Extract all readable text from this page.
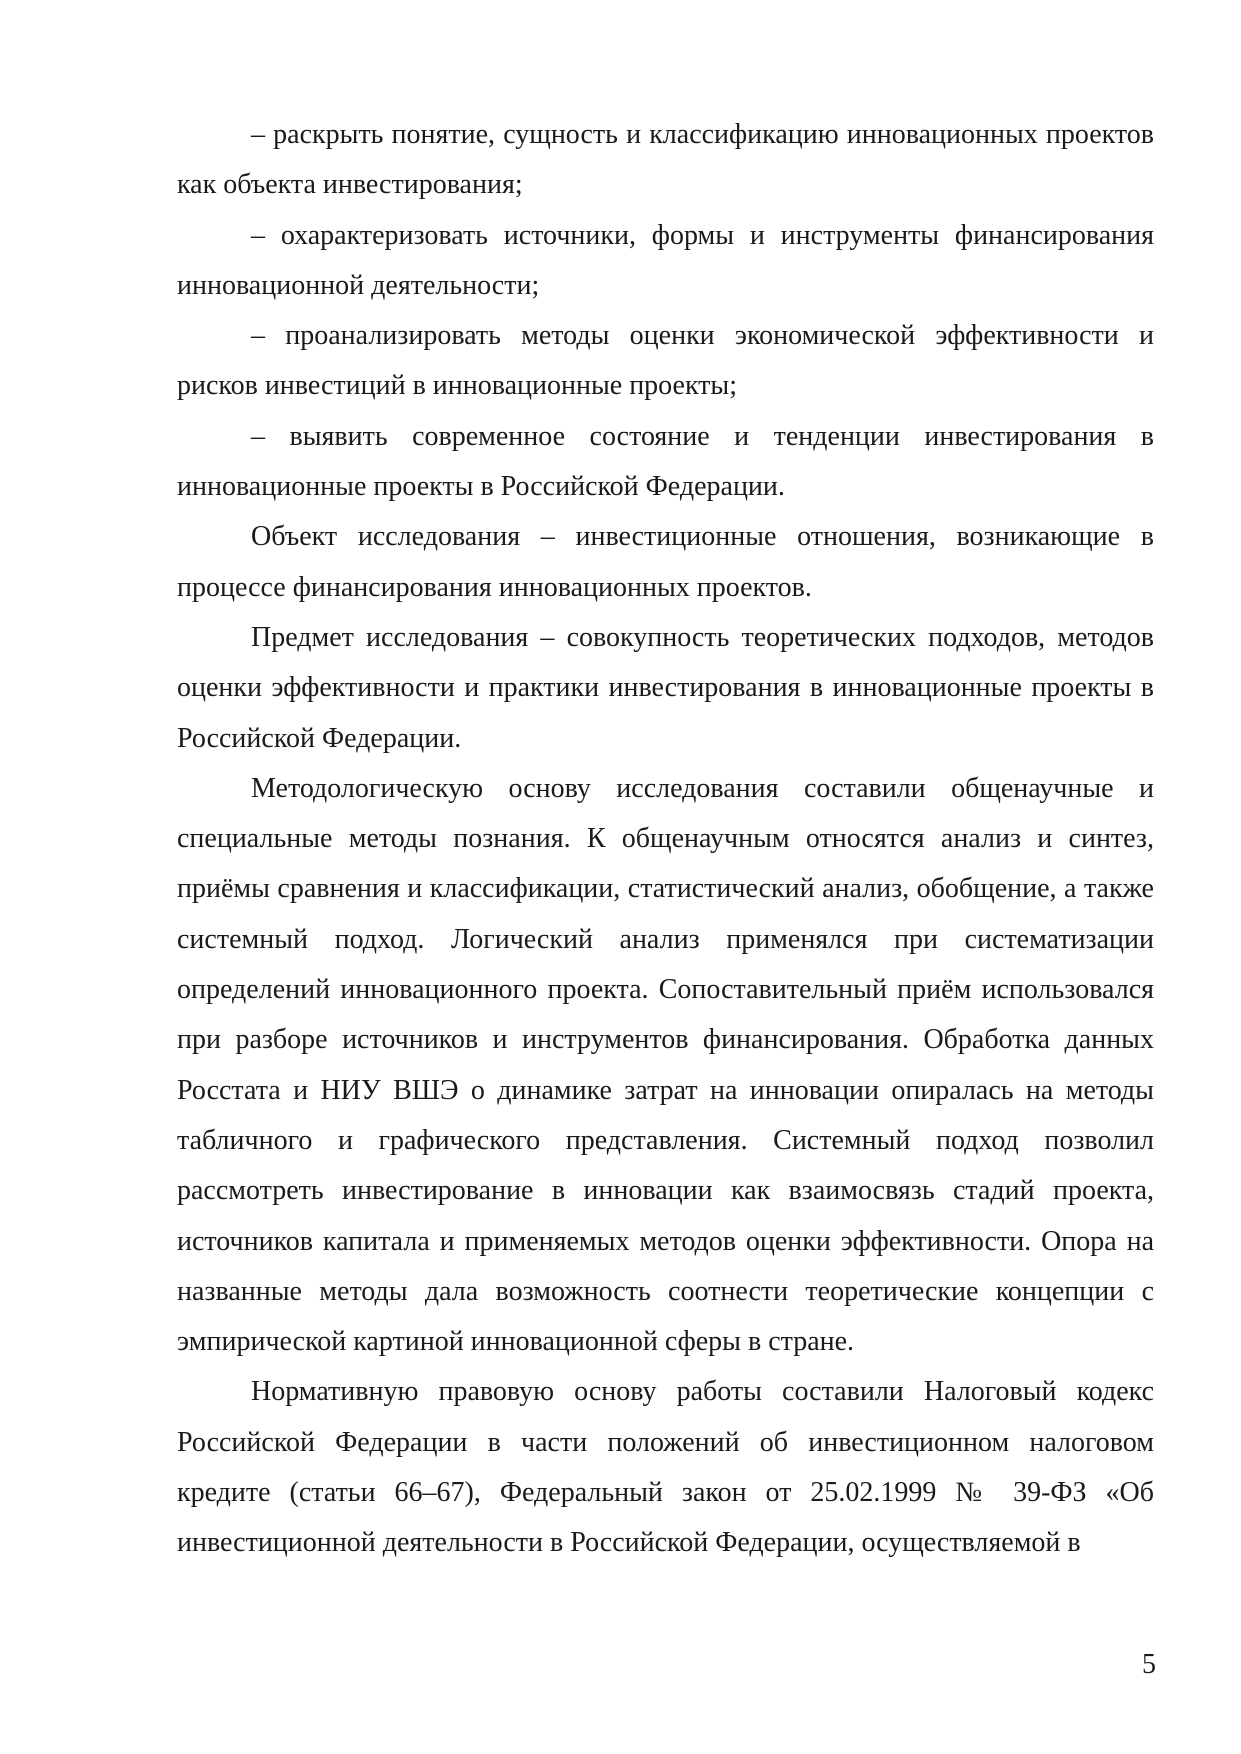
– раскрыть понятие, сущность и классификацию инновационных проектов как объекта инвестирования;

– охарактеризовать источники, формы и инструменты финансирования инновационной деятельности;

– проанализировать методы оценки экономической эффективности и рисков инвестиций в инновационные проекты;

– выявить современное состояние и тенденции инвестирования в инновационные проекты в Российской Федерации.

Объект исследования – инвестиционные отношения, возникающие в процессе финансирования инновационных проектов.

Предмет исследования – совокупность теоретических подходов, методов оценки эффективности и практики инвестирования в инновационные проекты в Российской Федерации.

Методологическую основу исследования составили общенаучные и специальные методы познания. К общенаучным относятся анализ и синтез, приёмы сравнения и классификации, статистический анализ, обобщение, а также системный подход. Логический анализ применялся при систематизации определений инновационного проекта. Сопоставительный приём использовался при разборе источников и инструментов финансирования. Обработка данных Росстата и НИУ ВШЭ о динамике затрат на инновации опиралась на методы табличного и графического представления. Системный подход позволил рассмотреть инвестирование в инновации как взаимосвязь стадий проекта, источников капитала и применяемых методов оценки эффективности. Опора на названные методы дала возможность соотнести теоретические концепции с эмпирической картиной инновационной сферы в стране.

Нормативную правовую основу работы составили Налоговый кодекс Российской Федерации в части положений об инвестиционном налоговом кредите (статьи 66–67), Федеральный закон от 25.02.1999 № 39-ФЗ «Об инвестиционной деятельности в Российской Федерации, осуществляемой в

5
